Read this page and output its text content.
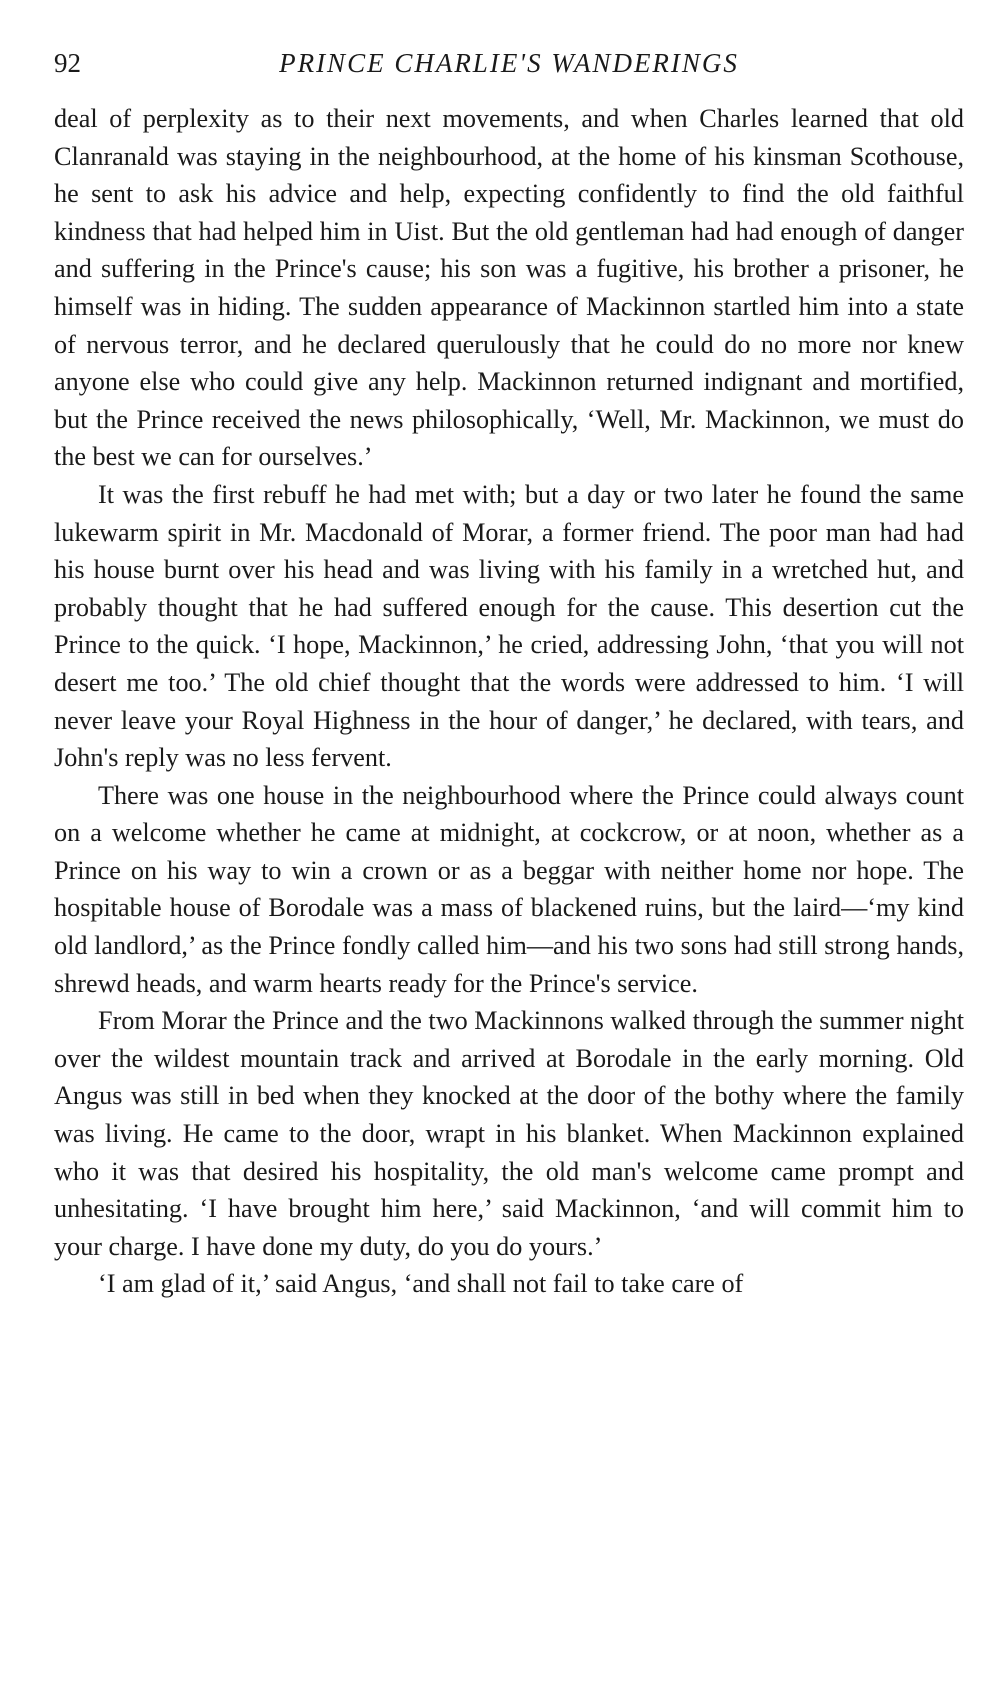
92	PRINCE CHARLIE'S WANDERINGS

deal of perplexity as to their next movements, and when Charles learned that old Clanranald was staying in the neighbourhood, at the home of his kinsman Scothouse, he sent to ask his advice and help, expecting confidently to find the old faithful kindness that had helped him in Uist. But the old gentleman had had enough of danger and suffering in the Prince's cause; his son was a fugitive, his brother a prisoner, he himself was in hiding. The sudden appearance of Mackinnon startled him into a state of nervous terror, and he declared querulously that he could do no more nor knew anyone else who could give any help. Mackinnon returned indignant and mortified, but the Prince received the news philosophically, ‘Well, Mr. Mackinnon, we must do the best we can for ourselves.’

It was the first rebuff he had met with; but a day or two later he found the same lukewarm spirit in Mr. Macdonald of Morar, a former friend. The poor man had had his house burnt over his head and was living with his family in a wretched hut, and probably thought that he had suffered enough for the cause. This desertion cut the Prince to the quick. ‘I hope, Mackinnon,’ he cried, addressing John, ‘that you will not desert me too.’ The old chief thought that the words were addressed to him. ‘I will never leave your Royal Highness in the hour of danger,’ he declared, with tears, and John's reply was no less fervent.

There was one house in the neighbourhood where the Prince could always count on a welcome whether he came at midnight, at cockcrow, or at noon, whether as a Prince on his way to win a crown or as a beggar with neither home nor hope. The hospitable house of Borodale was a mass of blackened ruins, but the laird—‘my kind old landlord,’ as the Prince fondly called him—and his two sons had still strong hands, shrewd heads, and warm hearts ready for the Prince's service.

From Morar the Prince and the two Mackinnons walked through the summer night over the wildest mountain track and arrived at Borodale in the early morning. Old Angus was still in bed when they knocked at the door of the bothy where the family was living. He came to the door, wrapt in his blanket. When Mackinnon explained who it was that desired his hospitality, the old man's welcome came prompt and unhesitating. ‘I have brought him here,’ said Mackinnon, ‘and will commit him to your charge. I have done my duty, do you do yours.’

‘I am glad of it,’ said Angus, ‘and shall not fail to take care of
